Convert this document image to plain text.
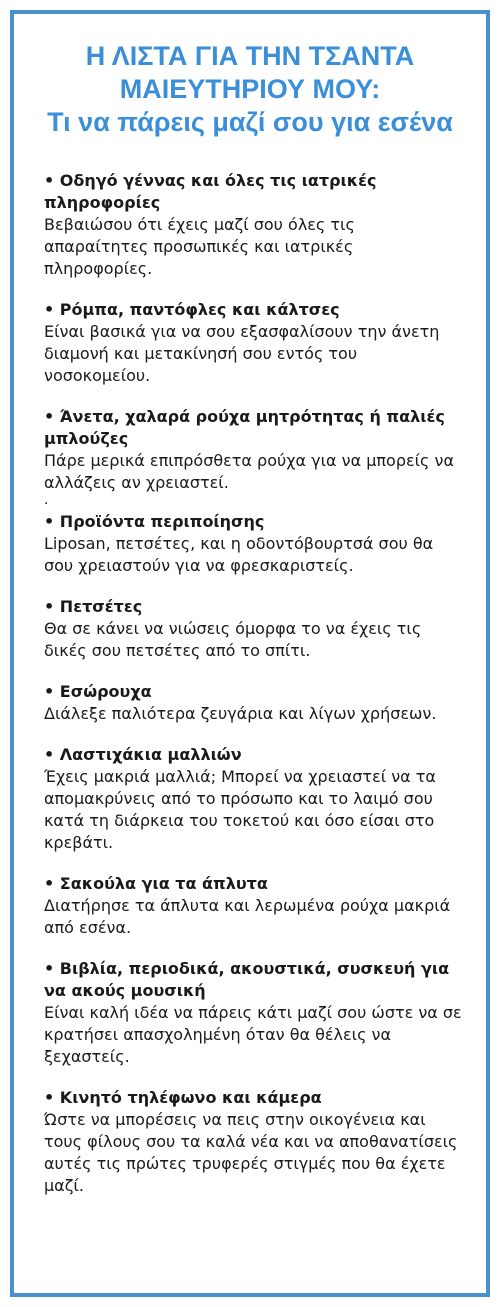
Η ΛΙΣΤΑ ΓΙΑ ΤΗΝ ΤΣΑΝΤΑ
ΜΑΙΕΥΤΗΡΙΟΥ ΜΟΥ:
Τι να πάρεις μαζί σου για εσένα
• Οδηγό γέννας και όλες τις ιατρικές πληροφορίες
Βεβαιώσου ότι έχεις μαζί σου όλες τις απαραίτητες προσωπικές και ιατρικές πληροφορίες.
• Ρόμπα, παντόφλες και κάλτσες
Είναι βασικά για να σου εξασφαλίσουν την άνετη διαμονή και μετακίνησή σου εντός του νοσοκομείου.
• Άνετα, χαλαρά ρούχα μητρότητας ή παλιές μπλούζες
Πάρε μερικά επιπρόσθετα ρούχα για να μπορείς να αλλάζεις αν χρειαστεί.
.
• Προϊόντα περιποίησης
Liposan, πετσέτες, και η οδοντόβουρτσά σου θα σου χρειαστούν για να φρεσκαριστείς.
• Πετσέτες
Θα σε κάνει να νιώσεις όμορφα το να έχεις τις δικές σου πετσέτες από το σπίτι.
• Εσώρουχα
Διάλεξε παλιότερα ζευγάρια και λίγων χρήσεων.
• Λαστιχάκια μαλλιών
Έχεις μακριά μαλλιά; Μπορεί να χρειαστεί να τα απομακρύνεις από το πρόσωπο και το λαιμό σου κατά τη διάρκεια του τοκετού και όσο είσαι στο κρεβάτι.
• Σακούλα για τα άπλυτα
Διατήρησε τα άπλυτα και λερωμένα ρούχα μακριά από εσένα.
• Βιβλία, περιοδικά, ακουστικά, συσκευή για να ακούς μουσική
Είναι καλή ιδέα να πάρεις κάτι μαζί σου ώστε να σε κρατήσει απασχολημένη όταν θα θέλεις να ξεχαστείς.
• Κινητό τηλέφωνο και κάμερα
Ώστε να μπορέσεις να πεις στην οικογένεια και τους φίλους σου τα καλά νέα και να αποθανατίσεις αυτές τις πρώτες τρυφερές στιγμές που θα έχετε μαζί.
